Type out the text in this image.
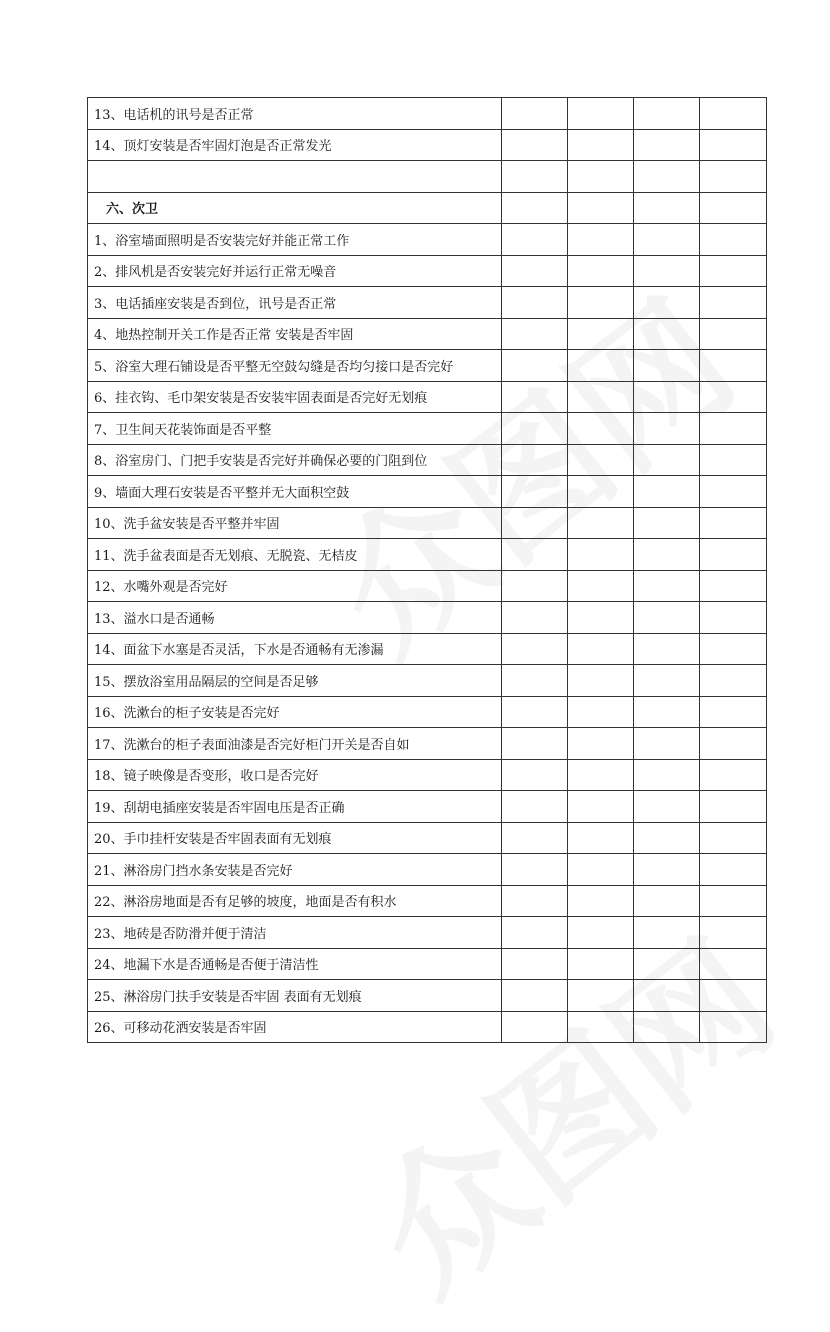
13、电话机的讯号是否正常				
14、顶灯安装是否牢固灯泡是否正常发光				

六、次卫				
1、浴室墙面照明是否安装完好并能正常工作				
2、排风机是否安装完好并运行正常无噪音				
3、电话插座安装是否到位，讯号是否正常				
4、地热控制开关工作是否正常 安装是否牢固				
5、浴室大理石铺设是否平整无空鼓勾缝是否均匀接口是否完好				
6、挂衣钩、毛巾架安装是否安装牢固表面是否完好无划痕				
7、卫生间天花装饰面是否平整				
8、浴室房门、门把手安装是否完好并确保必要的门阻到位				
9、墙面大理石安装是否平整并无大面积空鼓				
10、洗手盆安装是否平整并牢固				
11、洗手盆表面是否无划痕、无脱瓷、无桔皮				
12、水嘴外观是否完好				
13、溢水口是否通畅				
14、面盆下水塞是否灵活，下水是否通畅有无渗漏				
15、摆放浴室用品隔层的空间是否足够				
16、洗漱台的柜子安装是否完好				
17、洗漱台的柜子表面油漆是否完好柜门开关是否自如				
18、镜子映像是否变形，收口是否完好				
19、刮胡电插座安装是否牢固电压是否正确				
20、手巾挂杆安装是否牢固表面有无划痕				
21、淋浴房门挡水条安装是否完好				
22、淋浴房地面是否有足够的坡度，地面是否有积水				
23、地砖是否防滑并便于清洁				
24、地漏下水是否通畅是否便于清洁性				
25、淋浴房门扶手安装是否牢固 表面有无划痕				
26、可移动花洒安装是否牢固				
